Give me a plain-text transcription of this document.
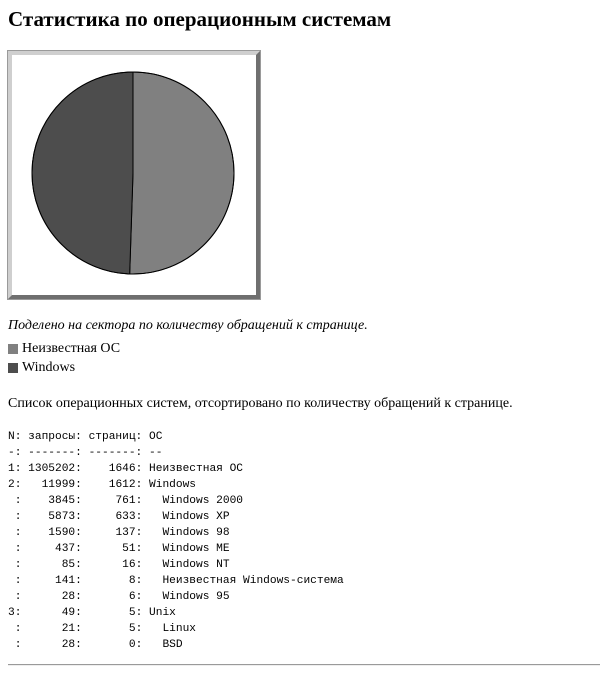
Статистика по операционным системам
Поделено на сектора по количеству обращений к странице.
Неизвестная ОС
Windows
Список операционных систем, отсортировано по количеству обращений к странице.
N: запросы: страниц: ОС
-: -------: -------: --
1: 1305202:    1646: Неизвестная ОС
2:   11999:    1612: Windows
:    3845:     761:   Windows 2000
:    5873:     633:   Windows XP
:    1590:     137:   Windows 98
:     437:      51:   Windows ME
:      85:      16:   Windows NT
:     141:       8:   Неизвестная Windows-система
:      28:       6:   Windows 95
3:      49:       5: Unix
:      21:       5:   Linux
:      28:       0:   BSD
